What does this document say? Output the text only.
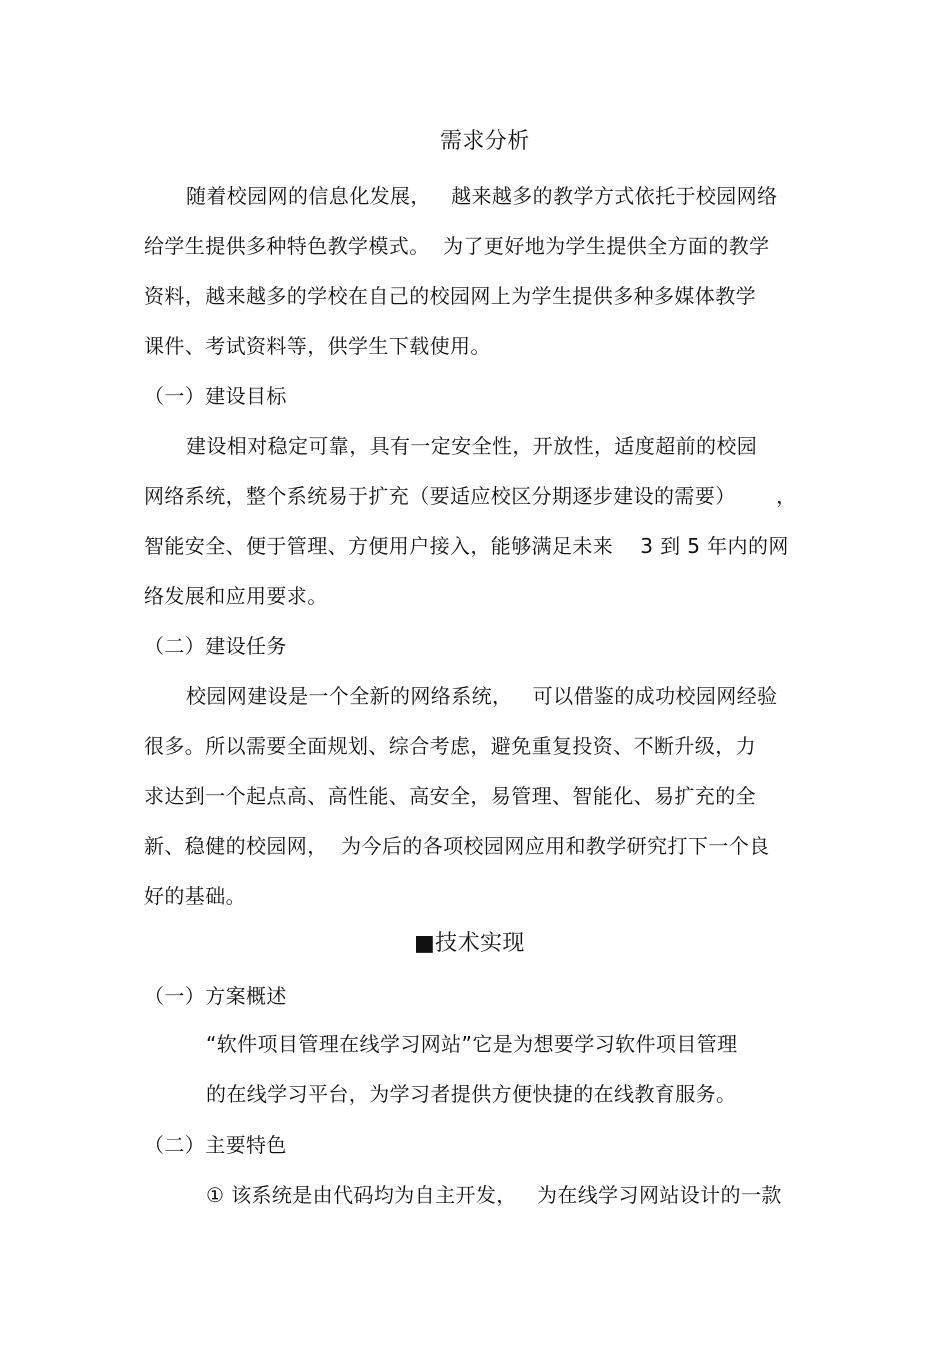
需求分析
随着校园网的信息化发展，   越来越多的教学方式依托于校园网络
给学生提供多种特色教学模式。  为了更好地为学生提供全方面的教学
资料，越来越多的学校在自己的校园网上为学生提供多种多媒体教学
课件、考试资料等，供学生下载使用。
（一）建设目标
建设相对稳定可靠，具有一定安全性，开放性，适度超前的校园
网络系统，整个系统易于扩充（要适应校区分期逐步建设的需要）      ，
智能安全、便于管理、方便用户接入，能够满足未来    3 到 5 年内的网
络发展和应用要求。
（二）建设任务
校园网建设是一个全新的网络系统，   可以借鉴的成功校园网经验
很多。所以需要全面规划、综合考虑，避免重复投资、不断升级，力
求达到一个起点高、高性能、高安全，易管理、智能化、易扩充的全
新、稳健的校园网，  为今后的各项校园网应用和教学研究打下一个良
好的基础。
■技术实现
（一）方案概述
“软件项目管理在线学习网站”它是为想要学习软件项目管理
的在线学习平台，为学习者提供方便快捷的在线教育服务。
（二）主要特色
① 该系统是由代码均为自主开发，   为在线学习网站设计的一款
